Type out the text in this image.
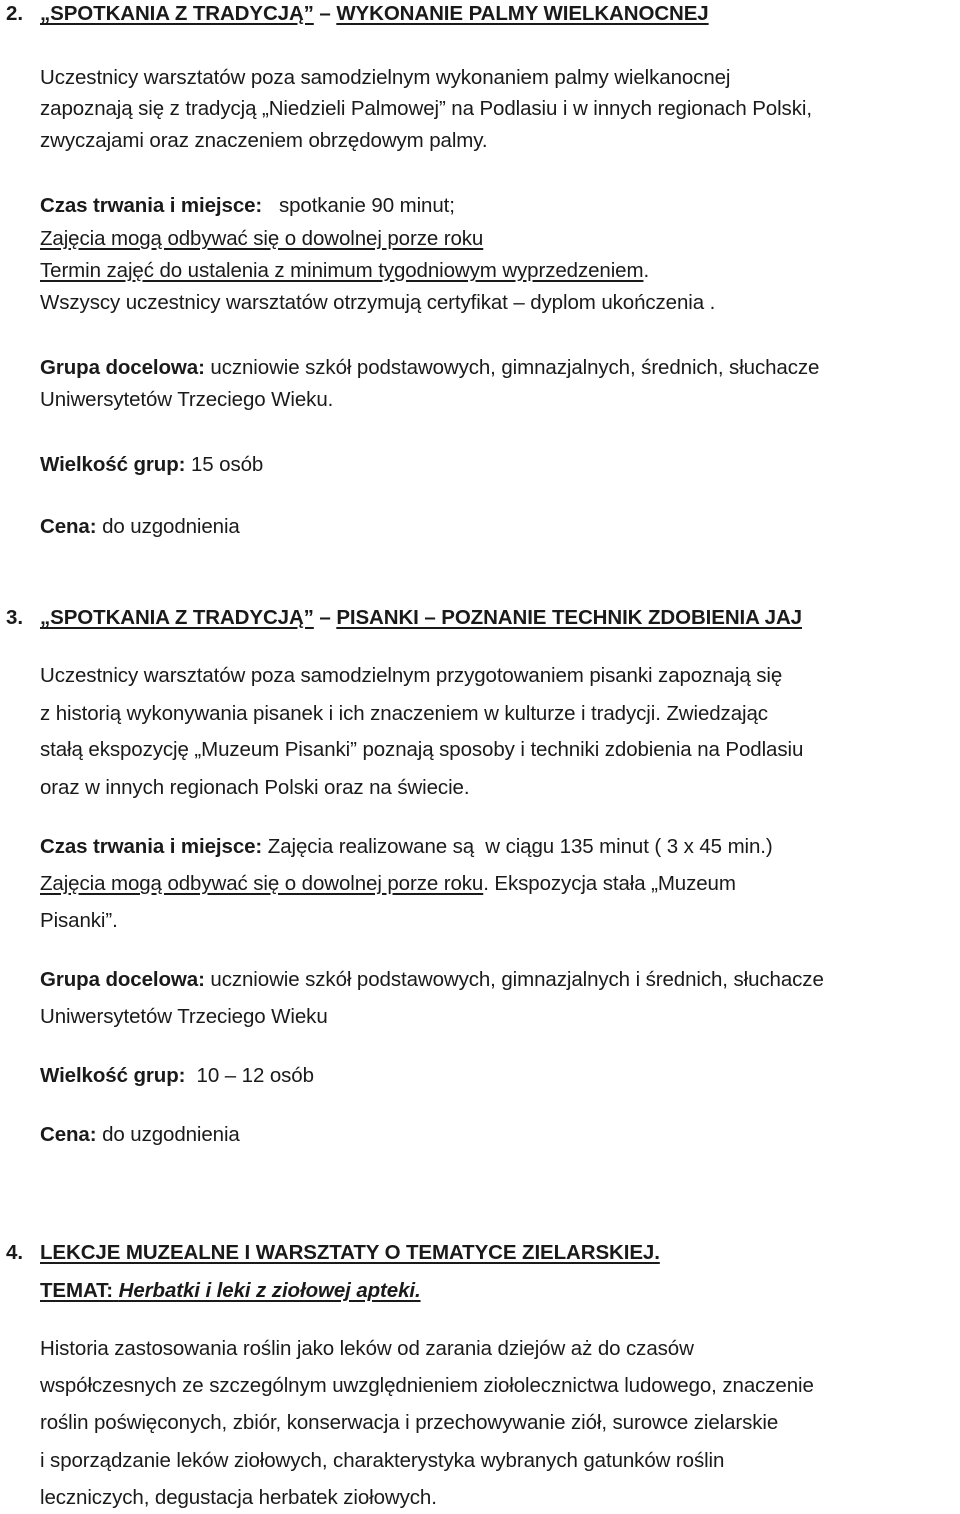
2. „SPOTKANIA Z TRADYCJĄ” – WYKONANIE PALMY WIELKANOCNEJ

Uczestnicy warsztatów poza samodzielnym wykonaniem palmy wielkanocnej

zapoznają się z tradycją „Niedzieli Palmowej” na Podlasiu i w innych regionach Polski,

zwyczajami oraz znaczeniem obrzędowym palmy.

Czas trwania i miejsce:   spotkanie 90 minut;

Zajęcia mogą odbywać się o dowolnej porze roku

Termin zajęć do ustalenia z minimum tygodniowym wyprzedzeniem.

Wszyscy uczestnicy warsztatów otrzymują certyfikat – dyplom ukończenia .

Grupa docelowa: uczniowie szkół podstawowych, gimnazjalnych, średnich, słuchacze

Uniwersytetów Trzeciego Wieku.

Wielkość grup: 15 osób

Cena: do uzgodnienia

3. „SPOTKANIA Z TRADYCJĄ” – PISANKI – POZNANIE TECHNIK ZDOBIENIA JAJ

Uczestnicy warsztatów poza samodzielnym przygotowaniem pisanki zapoznają się

z historią wykonywania pisanek i ich znaczeniem w kulturze i tradycji. Zwiedzając

stałą ekspozycję „Muzeum Pisanki” poznają sposoby i techniki zdobienia na Podlasiu

oraz w innych regionach Polski oraz na świecie.

Czas trwania i miejsce: Zajęcia realizowane są  w ciągu 135 minut ( 3 x 45 min.)

Zajęcia mogą odbywać się o dowolnej porze roku. Ekspozycja stała „Muzeum

Pisanki”.

Grupa docelowa: uczniowie szkół podstawowych, gimnazjalnych i średnich, słuchacze

Uniwersytetów Trzeciego Wieku

Wielkość grup:  10 – 12 osób

Cena: do uzgodnienia

4. LEKCJE MUZEALNE I WARSZTATY O TEMATYCE ZIELARSKIEJ.

TEMAT: Herbatki i leki z ziołowej apteki.

Historia zastosowania roślin jako leków od zarania dziejów aż do czasów

współczesnych ze szczególnym uwzględnieniem ziołolecznictwa ludowego, znaczenie

roślin poświęconych, zbiór, konserwacja i przechowywanie ziół, surowce zielarskie

i sporządzanie leków ziołowych, charakterystyka wybranych gatunków roślin

leczniczych, degustacja herbatek ziołowych.
